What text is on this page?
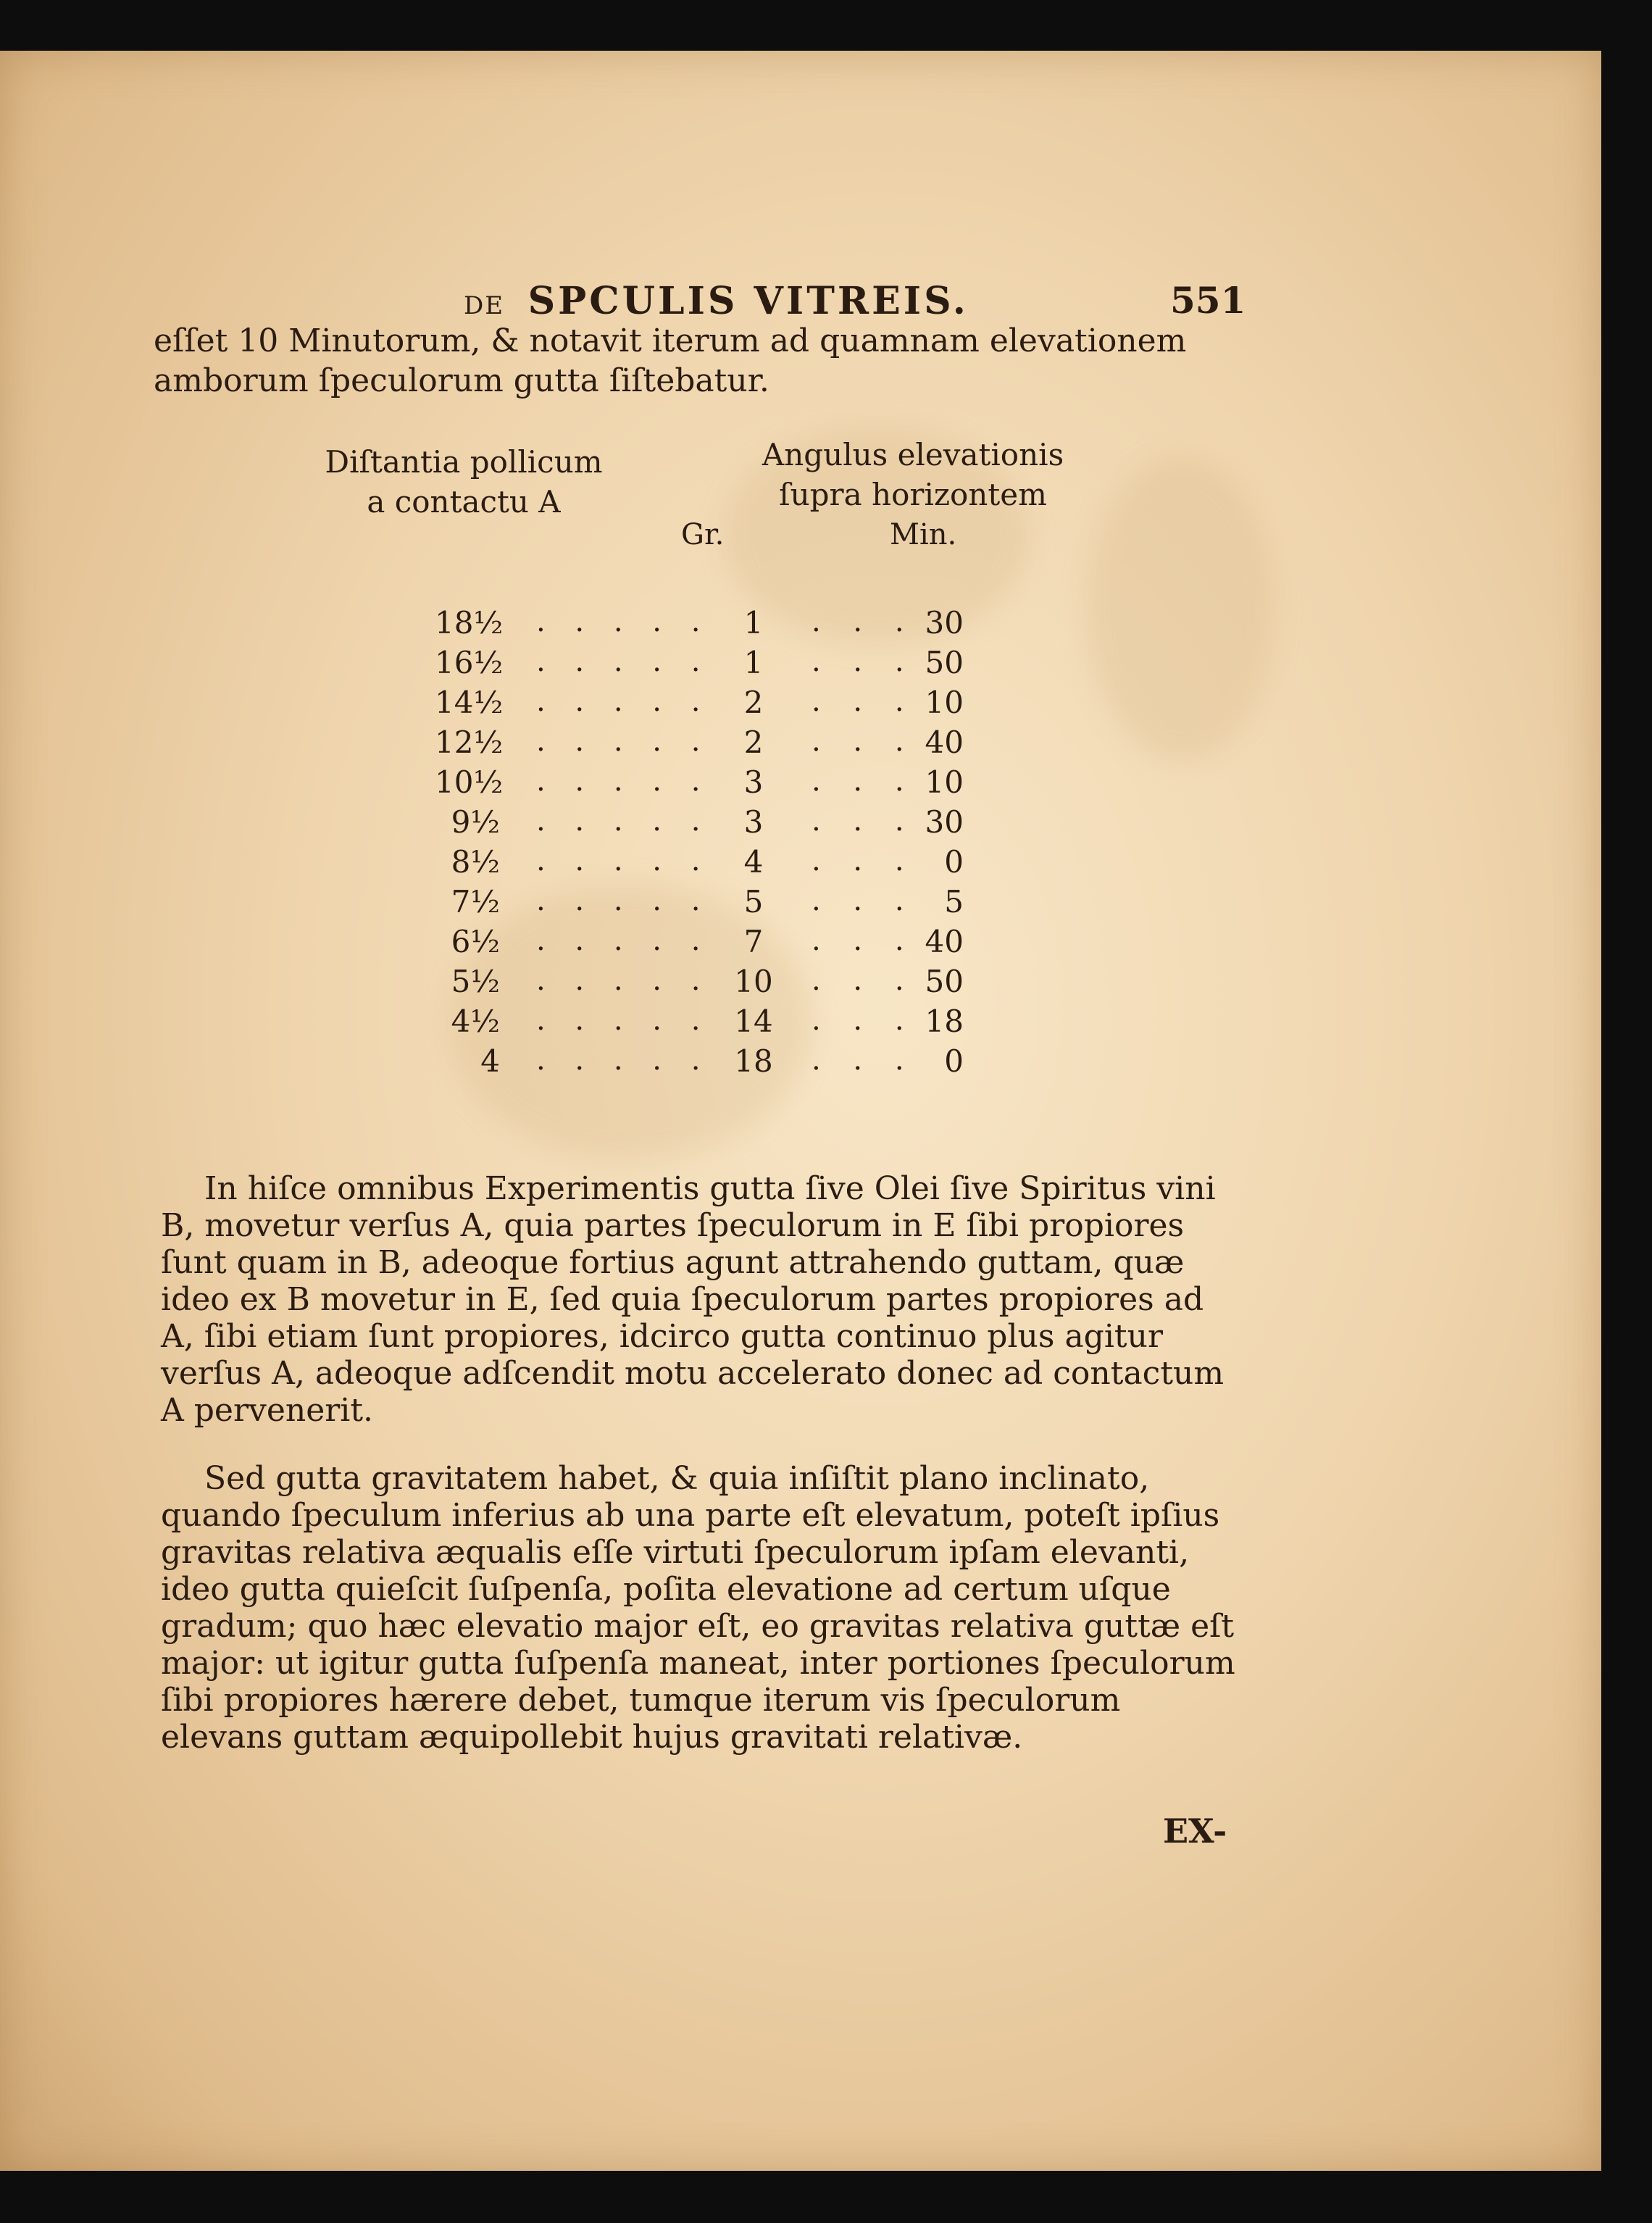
DE SPCULIS VITREIS.	551
eſſet 10 Minutorum, & notavit iterum ad quamnam elevationem
amborum ſpeculorum gutta ſiſtebatur.
Diſtantia pollicum
a contactu A
Angulus elevationis
ſupra horizontem
Gr.	Min.
18½ . . . . .	1	. . . 30
16½ . . . . .	1	. . . 50
14½ . . . . .	2	. . . 10
12½ . . . . .	2	. . . 40
10½ . . . . .	3	. . . 10
9½ . . . . .	3	. . . 30
8½ . . . . .	4	. . . 0
7½ . . . . .	5	. . . 5
6½ . . . . .	7	. . . 40
5½ . . . . . 10 . . . 50
4½ . . . . . 14 . . . 18
4 . . . . . 18 . . . 0

In hiſce omnibus Experimentis gutta ſive Olei ſive Spiritus vini B, movetur verſus A, quia partes ſpeculorum in E ſibi propiores ſunt quam in B, adeoque fortius agunt attrahendo guttam, quæ ideo ex B movetur in E, ſed quia ſpeculorum partes propiores ad A, ſibi etiam ſunt propiores, idcirco gutta continuo plus agitur verſus A, adeoque adſcendit motu accelerato donec ad contactum A pervenerit.

Sed gutta gravitatem habet, & quia inſiſtit plano inclinato, quando ſpeculum inferius ab una parte eſt elevatum, poteſt ipſius gravitas relativa æqualis eſſe virtuti ſpeculorum ipſam elevanti, ideo gutta quieſcit ſuſpenſa, poſita elevatione ad certum uſque gradum; quo hæc elevatio major eſt, eo gravitas relativa guttæ eſt major: ut igitur gutta ſuſpenſa maneat, inter portiones ſpeculorum ſibi propiores hærere debet, tumque iterum vis ſpeculorum elevans guttam æquipollebit hujus gravitati relativæ.

EX-
